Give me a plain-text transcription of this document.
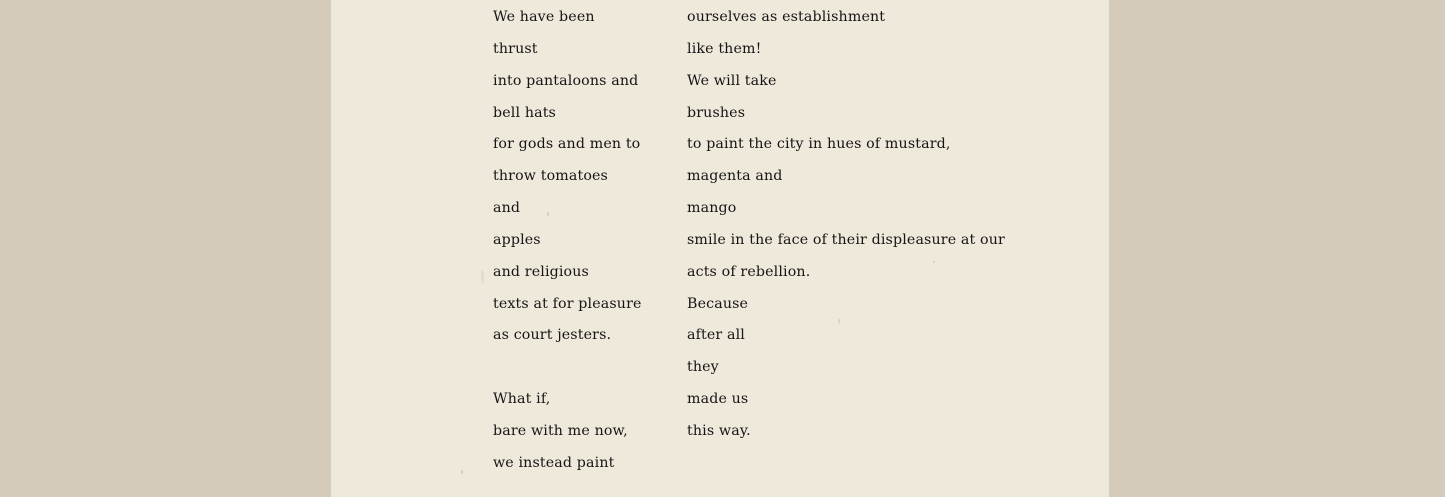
We have been
thrust
into pantaloons and
bell hats
for gods and men to
throw tomatoes
and
apples
and religious
texts at for pleasure
as court jesters.

What if,
bare with me now,
we instead paint
ourselves as establishment
like them!
We will take
brushes
to paint the city in hues of mustard,
magenta and
mango
smile in the face of their displeasure at our
acts of rebellion.
Because
after all
they
made us
this way.
